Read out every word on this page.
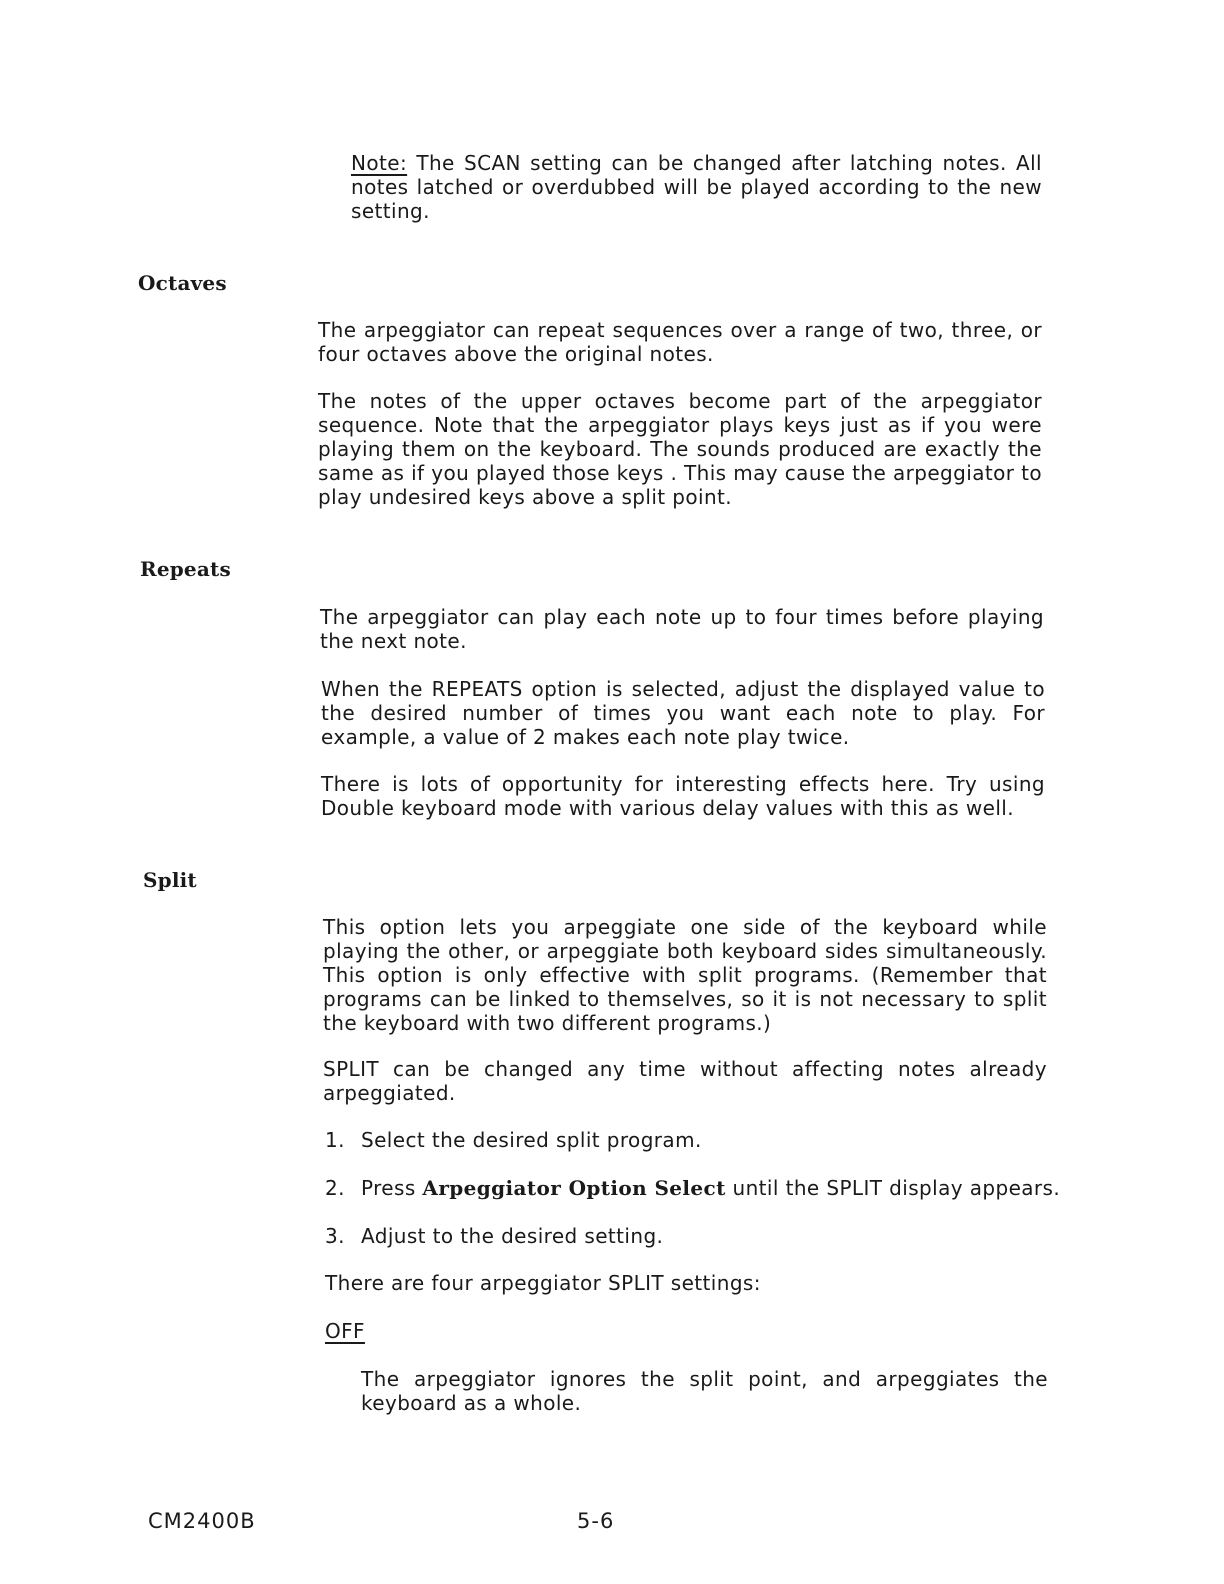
Note: The SCAN setting can be changed after latching notes. All notes latched or overdubbed will be played according to the new setting.

Octaves

The arpeggiator can repeat sequences over a range of two, three, or four octaves above the original notes.

The notes of the upper octaves become part of the arpeggiator sequence. Note that the arpeggiator plays keys just as if you were playing them on the keyboard. The sounds produced are exactly the same as if you played those keys . This may cause the arpeggiator to play undesired keys above a split point.

Repeats

The arpeggiator can play each note up to four times before playing the next note.

When the REPEATS option is selected, adjust the displayed value to the desired number of times you want each note to play. For example, a value of 2 makes each note play twice.

There is lots of opportunity for interesting effects here. Try using Double keyboard mode with various delay values with this as well.

Split

This option lets you arpeggiate one side of the keyboard while playing the other, or arpeggiate both keyboard sides simultaneously. This option is only effective with split programs. (Remember that programs can be linked to themselves, so it is not necessary to split the keyboard with two different programs.)

SPLIT can be changed any time without affecting notes already arpeggiated.

1. Select the desired split program.
2. Press Arpeggiator Option Select until the SPLIT display appears.
3. Adjust to the desired setting.

There are four arpeggiator SPLIT settings:

OFF

The arpeggiator ignores the split point, and arpeggiates the keyboard as a whole.

CM2400B	5-6
